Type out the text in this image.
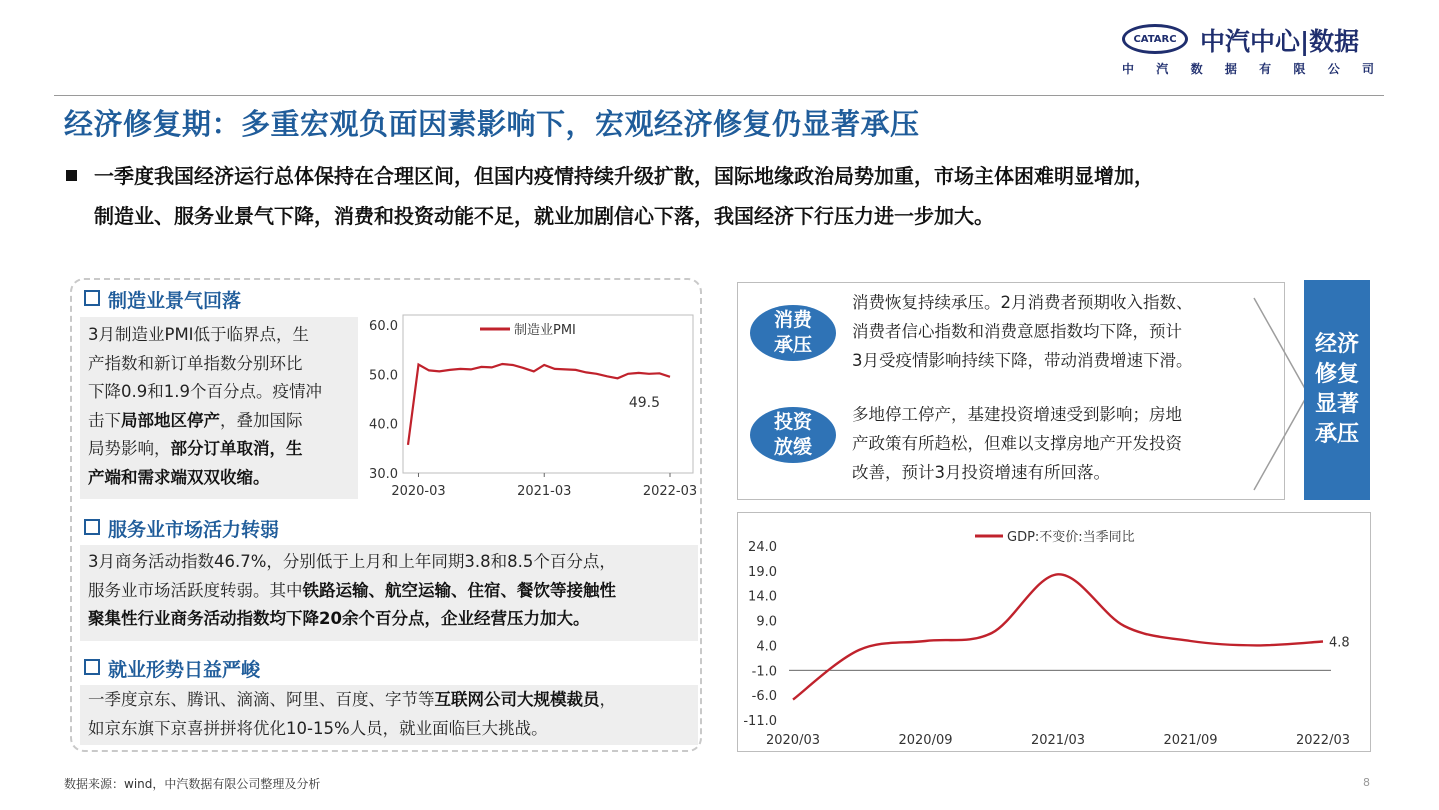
CATARC 中汽中心|数据
中 汽 数 据 有 限 公 司
经济修复期：多重宏观负面因素影响下，宏观经济修复仍显著承压
一季度我国经济运行总体保持在合理区间，但国内疫情持续升级扩散，国际地缘政治局势加重，市场主体困难明显增加，
制造业、服务业景气下降，消费和投资动能不足，就业加剧信心下落，我国经济下行压力进一步加大。
制造业景气回落
3月制造业PMI低于临界点，生
产指数和新订单指数分别环比
下降0.9和1.9个百分点。疫情冲
击下局部地区停产，叠加国际
局势影响，部分订单取消，生
产端和需求端双双收缩。	30.0
40.0
50.0
60.0
2020-03	2021-03	2022-03
制造业PMI
49.5
服务业市场活力转弱
3月商务活动指数46.7%，分别低于上月和上年同期3.8和8.5个百分点，
服务业市场活跃度转弱。其中铁路运输、航空运输、住宿、餐饮等接触性
聚集性行业商务活动指数均下降20余个百分点，企业经营压力加大。
就业形势日益严峻
一季度京东、腾讯、滴滴、阿里、百度、字节等互联网公司大规模裁员，
如京东旗下京喜拼拼将优化10-15%人员，就业面临巨大挑战。
消费
承压
消费恢复持续承压。2月消费者预期收入指数、
消费者信心指数和消费意愿指数均下降，预计
3月受疫情影响持续下降，带动消费增速下滑。
投资
放缓
多地停工停产，基建投资增速受到影响；房地
产政策有所趋松，但难以支撑房地产开发投资
改善，预计3月投资增速有所回落。
经济
修复
显著
承压
-11.0
-6.0
-1.0
4.0
9.0
14.0
19.0
24.0
2020/03	2020/09	2021/03	2021/09	2022/03
GDP:不变价:当季同比
4.8
数据来源：wind，中汽数据有限公司整理及分析	8
